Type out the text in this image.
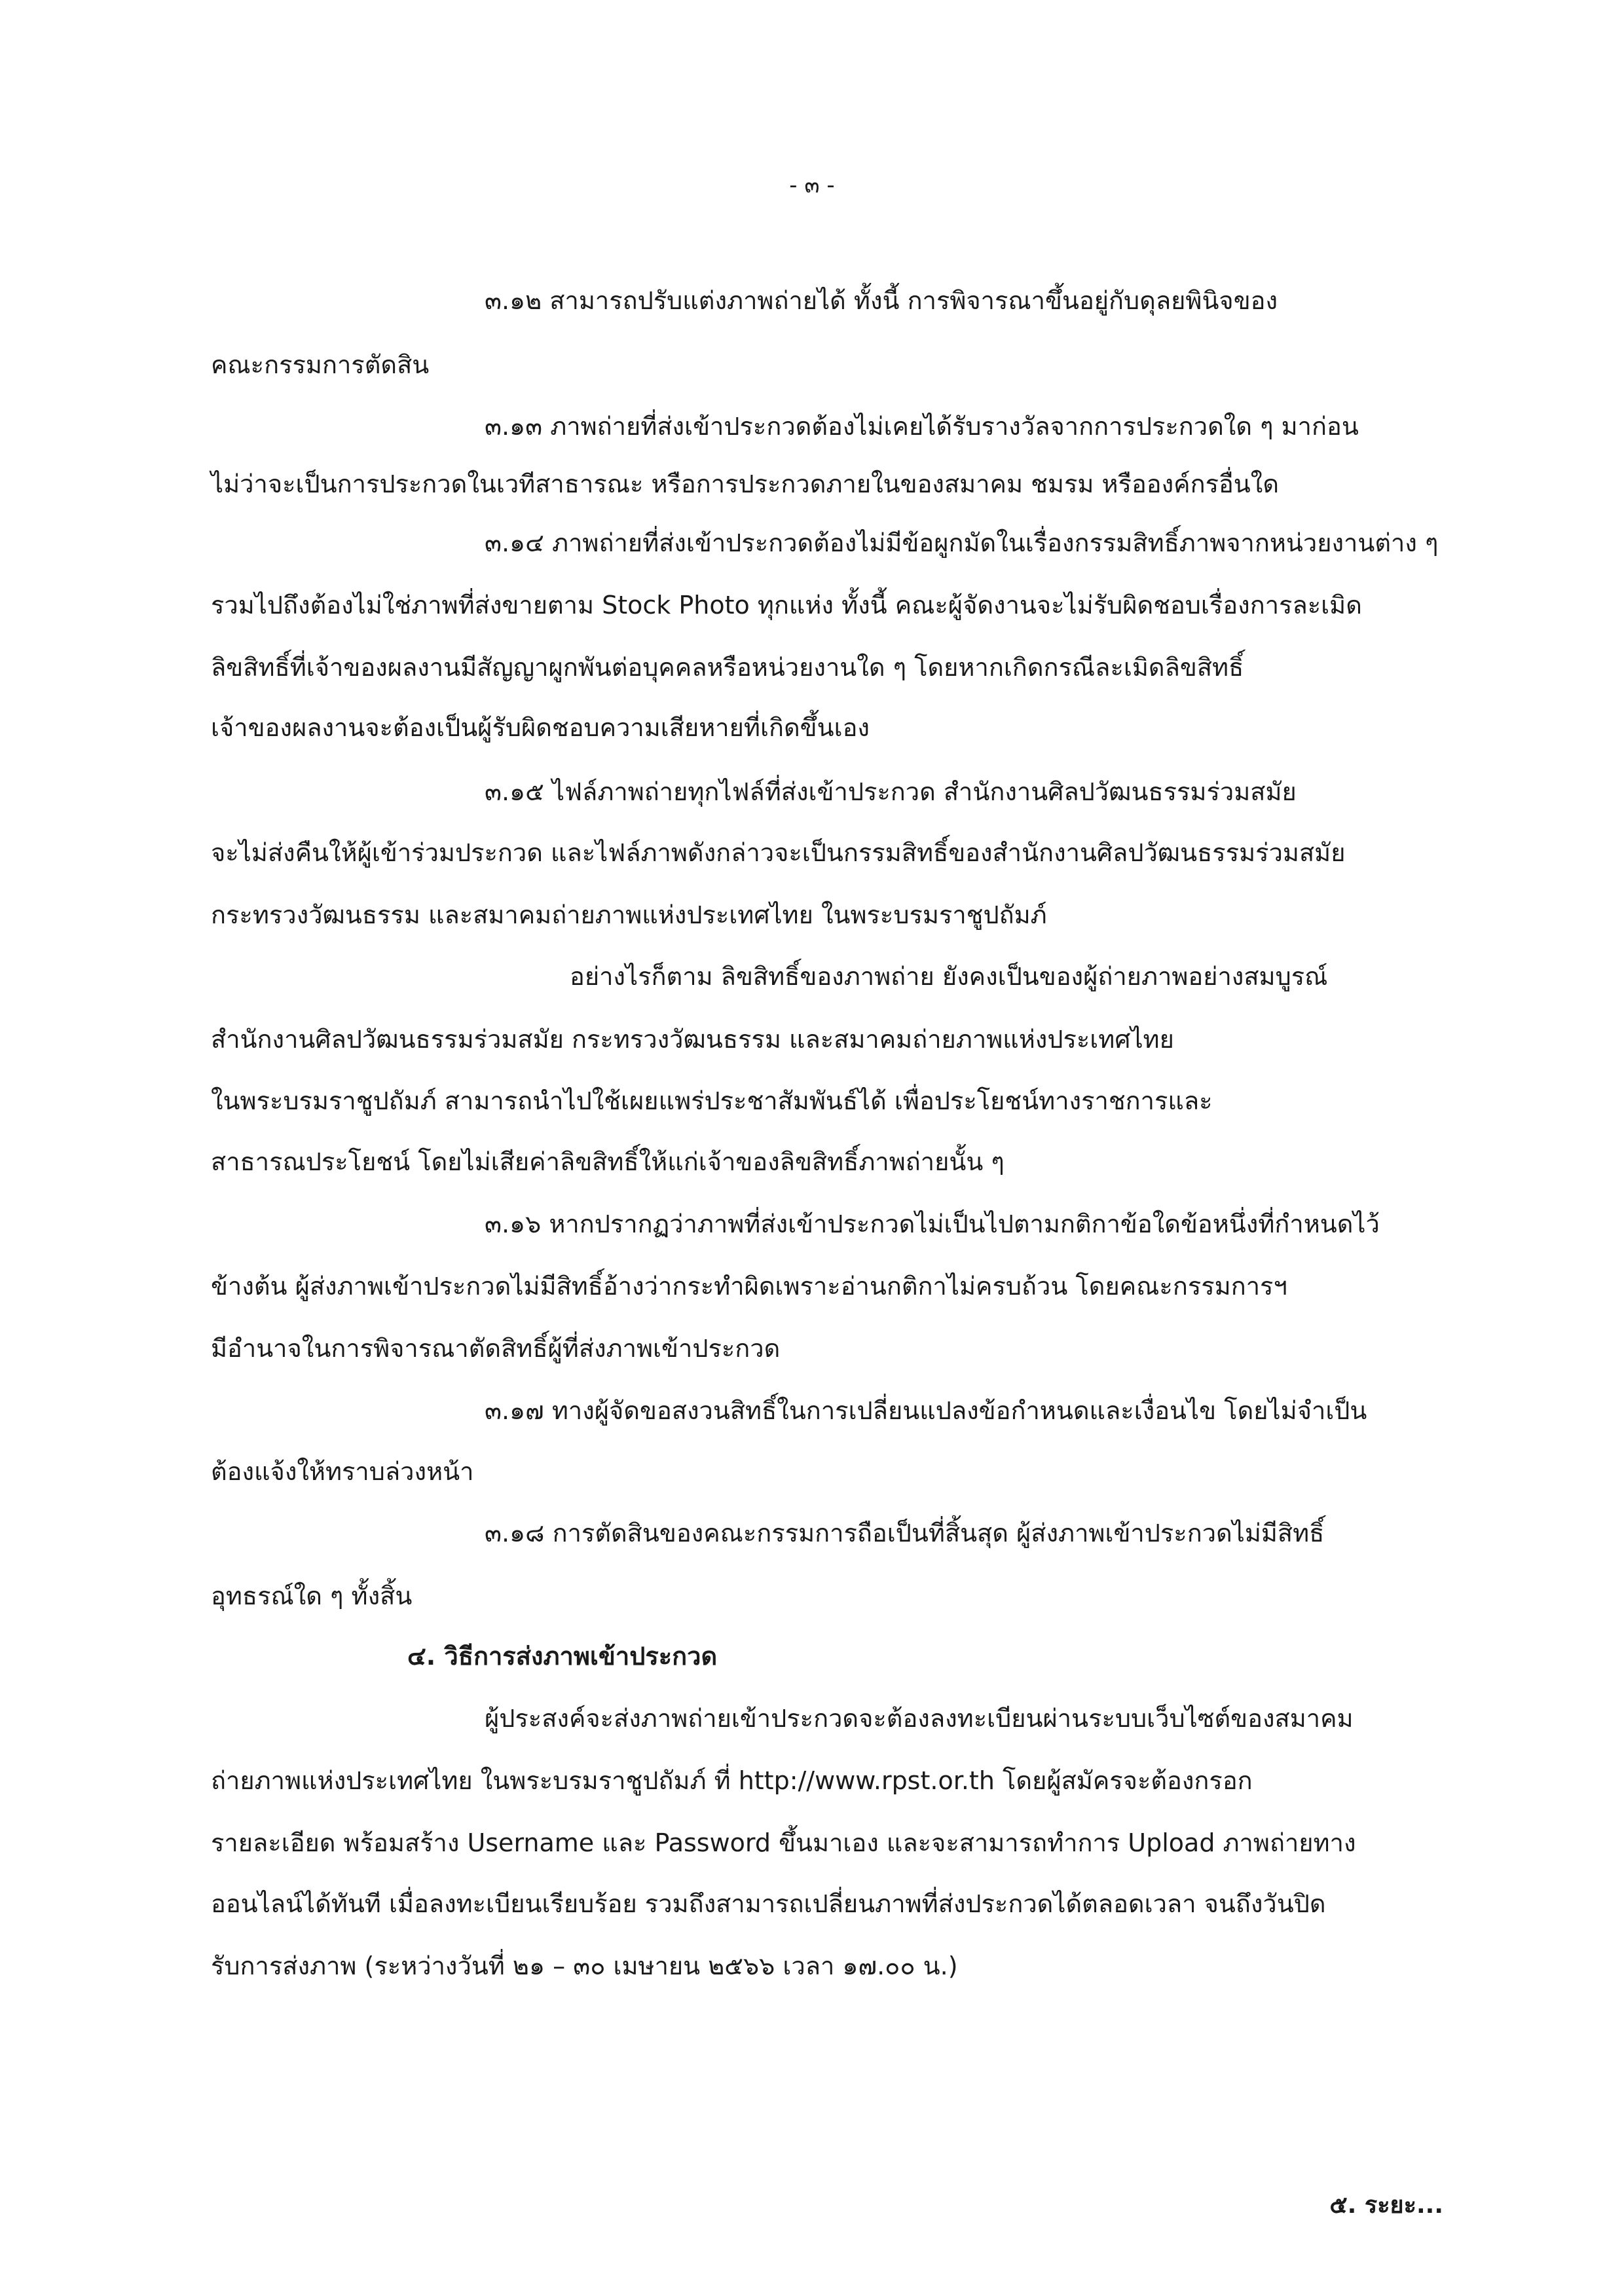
- ๓ -
๓.๑๒ สามารถปรับแต่งภาพถ่ายได้ ทั้งนี้ การพิจารณาขึ้นอยู่กับดุลยพินิจของ
คณะกรรมการตัดสิน
๓.๑๓ ภาพถ่ายที่ส่งเข้าประกวดต้องไม่เคยได้รับรางวัลจากการประกวดใด ๆ มาก่อน
ไม่ว่าจะเป็นการประกวดในเวทีสาธารณะ หรือการประกวดภายในของสมาคม ชมรม หรือองค์กรอื่นใด
๓.๑๔ ภาพถ่ายที่ส่งเข้าประกวดต้องไม่มีข้อผูกมัดในเรื่องกรรมสิทธิ์ภาพจากหน่วยงานต่าง ๆ
รวมไปถึงต้องไม่ใช่ภาพที่ส่งขายตาม Stock Photo ทุกแห่ง ทั้งนี้ คณะผู้จัดงานจะไม่รับผิดชอบเรื่องการละเมิด
ลิขสิทธิ์ที่เจ้าของผลงานมีสัญญาผูกพันต่อบุคคลหรือหน่วยงานใด ๆ โดยหากเกิดกรณีละเมิดลิขสิทธิ์
เจ้าของผลงานจะต้องเป็นผู้รับผิดชอบความเสียหายที่เกิดขึ้นเอง
๓.๑๕ ไฟล์ภาพถ่ายทุกไฟล์ที่ส่งเข้าประกวด สำนักงานศิลปวัฒนธรรมร่วมสมัย
จะไม่ส่งคืนให้ผู้เข้าร่วมประกวด และไฟล์ภาพดังกล่าวจะเป็นกรรมสิทธิ์ของสำนักงานศิลปวัฒนธรรมร่วมสมัย
กระทรวงวัฒนธรรม และสมาคมถ่ายภาพแห่งประเทศไทย ในพระบรมราชูปถัมภ์
อย่างไรก็ตาม ลิขสิทธิ์ของภาพถ่าย ยังคงเป็นของผู้ถ่ายภาพอย่างสมบูรณ์
สำนักงานศิลปวัฒนธรรมร่วมสมัย กระทรวงวัฒนธรรม และสมาคมถ่ายภาพแห่งประเทศไทย
ในพระบรมราชูปถัมภ์ สามารถนำไปใช้เผยแพร่ประชาสัมพันธ์ได้ เพื่อประโยชน์ทางราชการและ
สาธารณประโยชน์ โดยไม่เสียค่าลิขสิทธิ์ให้แก่เจ้าของลิขสิทธิ์ภาพถ่ายนั้น ๆ
๓.๑๖ หากปรากฏว่าภาพที่ส่งเข้าประกวดไม่เป็นไปตามกติกาข้อใดข้อหนึ่งที่กำหนดไว้
ข้างต้น ผู้ส่งภาพเข้าประกวดไม่มีสิทธิ์อ้างว่ากระทำผิดเพราะอ่านกติกาไม่ครบถ้วน โดยคณะกรรมการฯ
มีอำนาจในการพิจารณาตัดสิทธิ์ผู้ที่ส่งภาพเข้าประกวด
๓.๑๗ ทางผู้จัดขอสงวนสิทธิ์ในการเปลี่ยนแปลงข้อกำหนดและเงื่อนไข โดยไม่จำเป็น
ต้องแจ้งให้ทราบล่วงหน้า
๓.๑๘ การตัดสินของคณะกรรมการถือเป็นที่สิ้นสุด ผู้ส่งภาพเข้าประกวดไม่มีสิทธิ์
อุทธรณ์ใด ๆ ทั้งสิ้น
๔. วิธีการส่งภาพเข้าประกวด
ผู้ประสงค์จะส่งภาพถ่ายเข้าประกวดจะต้องลงทะเบียนผ่านระบบเว็บไซต์ของสมาคม
ถ่ายภาพแห่งประเทศไทย ในพระบรมราชูปถัมภ์ ที่ http://www.rpst.or.th โดยผู้สมัครจะต้องกรอก
รายละเอียด พร้อมสร้าง Username และ Password ขึ้นมาเอง และจะสามารถทำการ Upload ภาพถ่ายทาง
ออนไลน์ได้ทันที เมื่อลงทะเบียนเรียบร้อย รวมถึงสามารถเปลี่ยนภาพที่ส่งประกวดได้ตลอดเวลา จนถึงวันปิด
รับการส่งภาพ (ระหว่างวันที่ ๒๑ – ๓๐ เมษายน ๒๕๖๖ เวลา ๑๗.๐๐ น.)
๕. ระยะ...
